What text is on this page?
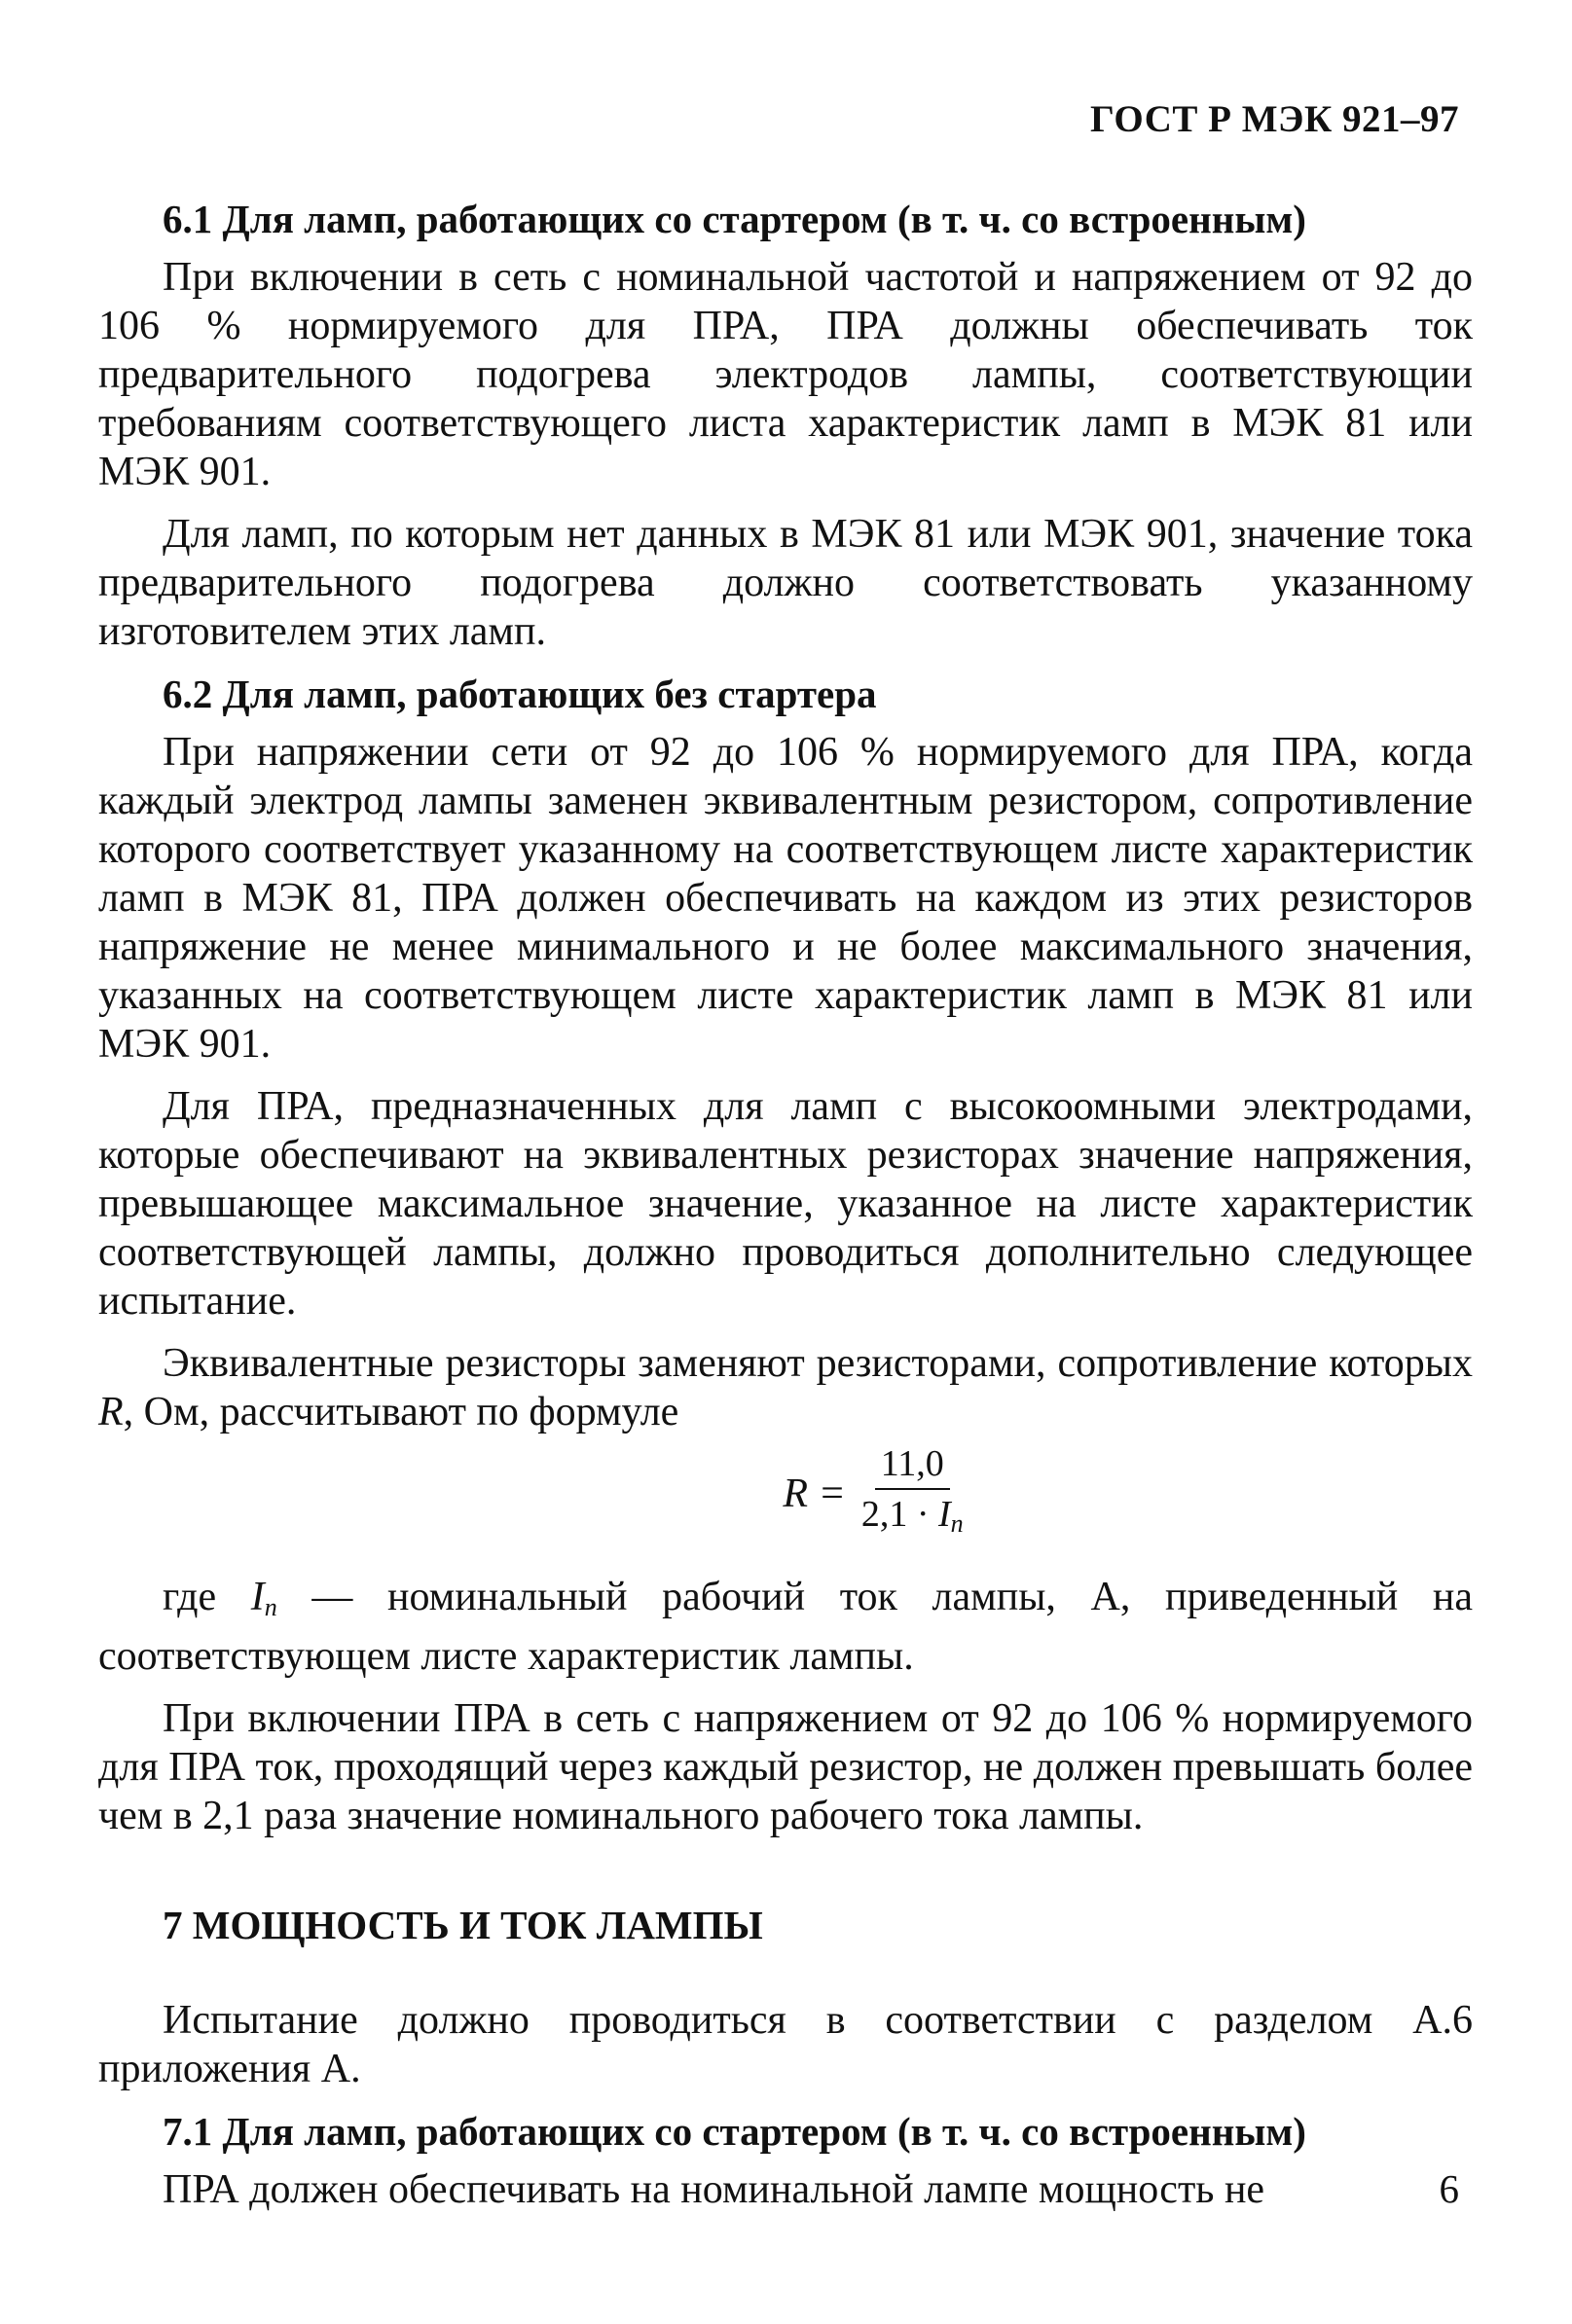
ГОСТ Р МЭК 921–97

6.1 Для ламп, работающих со стартером (в т. ч. со встроенным)

При включении в сеть с номинальной частотой и напряжением от 92 до 106 % нормируемого для ПРА, ПРА должны обеспечивать ток предварительного подогрева электродов лампы, соответствующии требованиям соответствующего листа характеристик ламп в МЭК 81 или МЭК 901.

Для ламп, по которым нет данных в МЭК 81 или МЭК 901, значение тока предварительного подогрева должно соответствовать указанному изготовителем этих ламп.

6.2 Для ламп, работающих без стартера

При напряжении сети от 92 до 106 % нормируемого для ПРА, когда каждый электрод лампы заменен эквивалентным резистором, сопротивление которого соответствует указанному на соответствующем листе характеристик ламп в МЭК 81, ПРА должен обеспечивать на каждом из этих резисторов напряжение не менее минимального и не более максимального значения, указанных на соответствующем листе характеристик ламп в МЭК 81 или МЭК 901.

Для ПРА, предназначенных для ламп с высокоомными электродами, которые обеспечивают на эквивалентных резисторах значение напряжения, превышающее максимальное значение, указанное на листе характеристик соответствующей лампы, должно проводиться дополнительно следующее испытание.

Эквивалентные резисторы заменяют резисторами, сопротивление которых R, Ом, рассчитывают по формуле

$R = \frac{11,0}{2,1 \cdot I_n}$

где $I_n$ — номинальный рабочий ток лампы, А, приведенный на соответствующем листе характеристик лампы.

При включении ПРА в сеть с напряжением от 92 до 106 % нормируемого для ПРА ток, проходящий через каждый резистор, не должен превышать более чем в 2,1 раза значение номинального рабочего тока лампы.

7 МОЩНОСТЬ И ТОК ЛАМПЫ

Испытание должно проводиться в соответствии с разделом А.6 приложения А.

7.1 Для ламп, работающих со стартером (в т. ч. со встроенным)

ПРА должен обеспечивать на номинальной лампе мощность не	6
